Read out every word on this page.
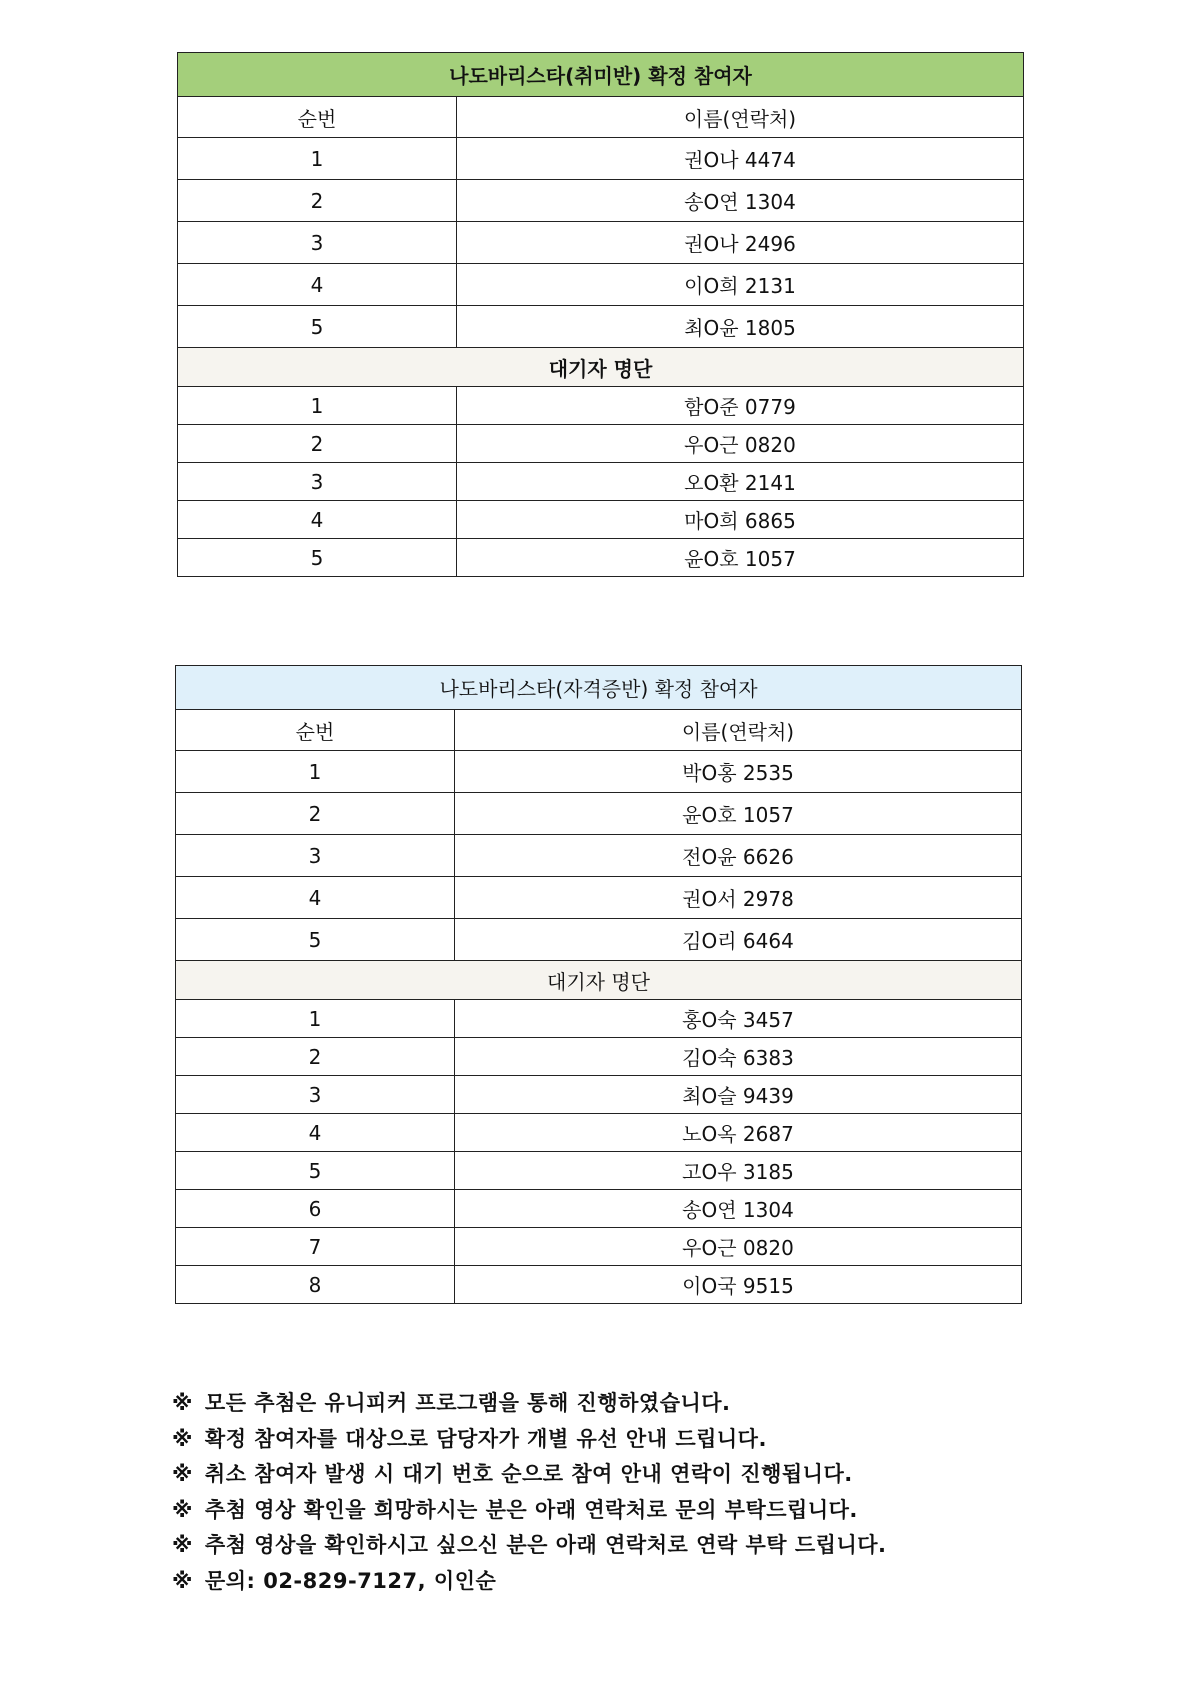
나도바리스타(취미반) 확정 참여자	
순번	이름(연락처)
1	권O나 4474
2	송O연 1304
3	권O나 2496
4	이O희 2131
5	최O윤 1805
대기자 명단	
1	함O준 0779
2	우O근 0820
3	오O환 2141
4	마O희 6865
5	윤O호 1057
나도바리스타(자격증반) 확정 참여자	
순번	이름(연락처)
1	박O홍 2535
2	윤O호 1057
3	전O윤 6626
4	권O서 2978
5	김O리 6464
대기자 명단	
1	홍O숙 3457
2	김O숙 6383
3	최O슬 9439
4	노O옥 2687
5	고O우 3185
6	송O연 1304
7	우O근 0820
8	이O국 9515
※ 모든 추첨은 유니피커 프로그램을 통해 진행하였습니다.
※ 확정 참여자를 대상으로 담당자가 개별 유선 안내 드립니다.
※ 취소 참여자 발생 시 대기 번호 순으로 참여 안내 연락이 진행됩니다.
※ 추첨 영상 확인을 희망하시는 분은 아래 연락처로 문의 부탁드립니다.
※ 추첨 영상을 확인하시고 싶으신 분은 아래 연락처로 연락 부탁 드립니다.
※ 문의: 02-829-7127, 이인순
